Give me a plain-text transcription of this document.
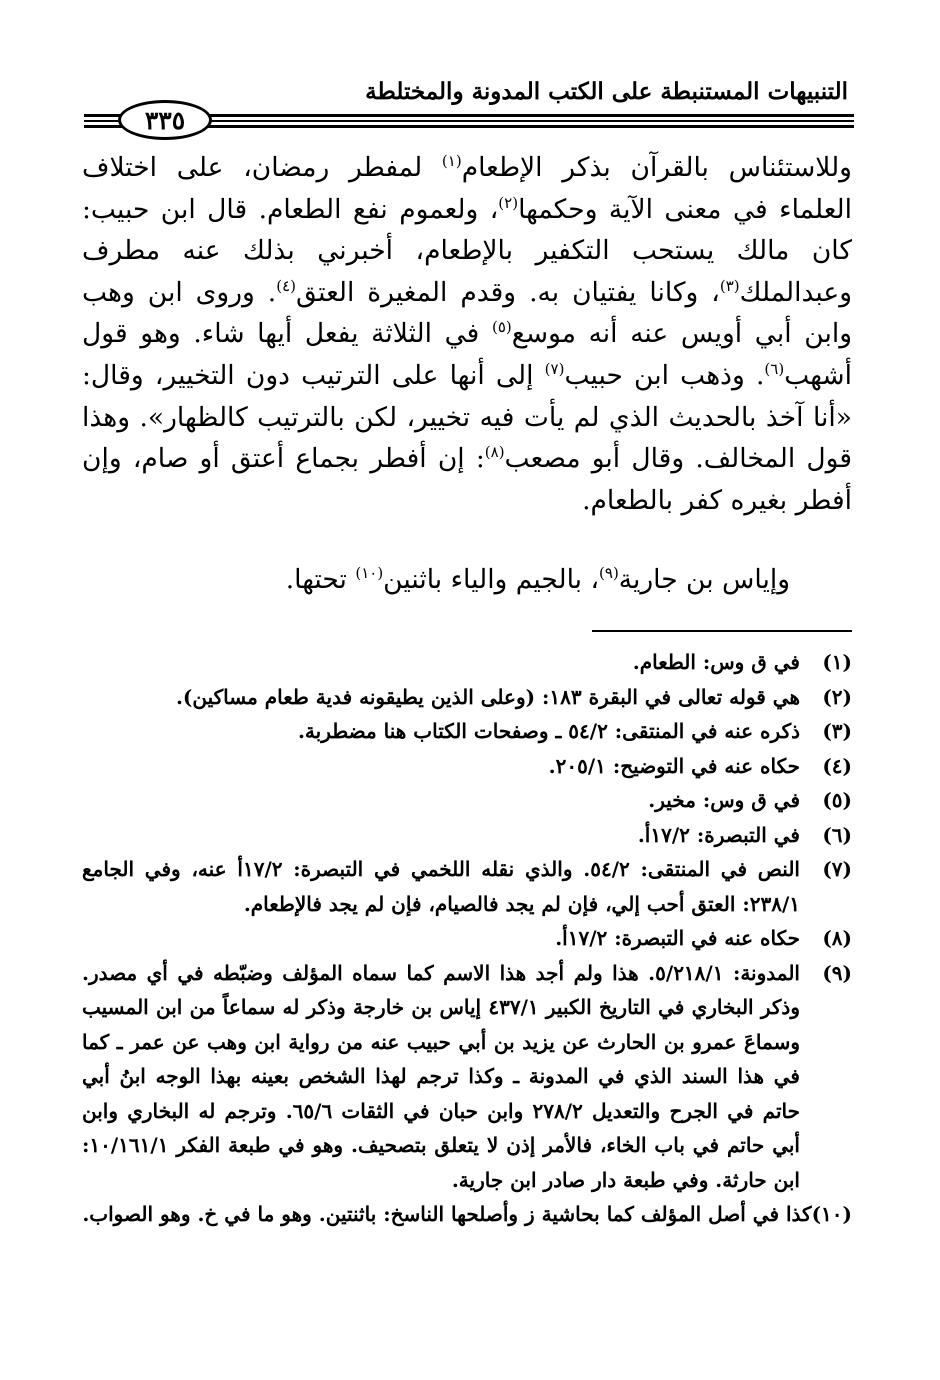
التنبيهات المستنبطة على الكتب المدونة والمختلطة
٣٣٥

وللاستئناس بالقرآن بذكر الإطعام$^{(١)}$ لمفطر رمضان، على اختلاف العلماء في معنى الآية وحكمها$^{(٢)}$، ولعموم نفع الطعام. قال ابن حبيب: كان مالك يستحب التكفير بالإطعام، أخبرني بذلك عنه مطرف وعبدالملك$^{(٣)}$، وكانا يفتيان به. وقدم المغيرة العتق$^{(٤)}$. وروى ابن وهب وابن أبي أويس عنه أنه موسع$^{(٥)}$ في الثلاثة يفعل أيها شاء. وهو قول أشهب$^{(٦)}$. وذهب ابن حبيب$^{(٧)}$ إلى أنها على الترتيب دون التخيير، وقال: «أنا آخذ بالحديث الذي لم يأت فيه تخيير، لكن بالترتيب كالظهار». وهذا قول المخالف. وقال أبو مصعب$^{(٨)}$: إن أفطر بجماع أعتق أو صام، وإن أفطر بغيره كفر بالطعام.

وإياس بن جارية$^{(٩)}$، بالجيم والياء باثنين$^{(١٠)}$ تحتها.
(١)
في ق وس: الطعام.
(٢)
هي قوله تعالى في البقرة ١٨٣: (وعلى الذين يطيقونه فدية طعام مساكين).
(٣)
ذكره عنه في المنتقى: ٥٤/٢ ـ وصفحات الكتاب هنا مضطربة.
(٤)
حكاه عنه في التوضيح: ٢٠٥/١.
(٥)
في ق وس: مخير.
(٦)
في التبصرة: ١٧/٢أ.
(٧)
النص في المنتقى: ٥٤/٢. والذي نقله اللخمي في التبصرة: ١٧/٢أ عنه، وفي الجامع ٢٣٨/١: العتق أحب إلي، فإن لم يجد فالصيام، فإن لم يجد فالإطعام.
(٨)
حكاه عنه في التبصرة: ١٧/٢أ.
(٩)
المدونة: ٥/٢١٨/١. هذا ولم أجد هذا الاسم كما سماه المؤلف وضبّطه في أي مصدر. وذكر البخاري في التاريخ الكبير ٤٣٧/١ إياس بن خارجة وذكر له سماعاً من ابن المسيب وسماعَ عمرو بن الحارث عن يزيد بن أبي حبيب عنه من رواية ابن وهب عن عمر ـ كما في هذا السند الذي في المدونة ـ وكذا ترجم لهذا الشخص بعينه بهذا الوجه ابنُ أبي حاتم في الجرح والتعديل ٢٧٨/٢ وابن حبان في الثقات ٦٥/٦. وترجم له البخاري وابن أبي حاتم في باب الخاء، فالأمر إذن لا يتعلق بتصحيف. وهو في طبعة الفكر ١٠/١٦١/١: ابن حارثة. وفي طبعة دار صادر ابن جارية.
(١٠)
كذا في أصل المؤلف كما بحاشية ز وأصلحها الناسخ: باثنتين. وهو ما في خ. وهو الصواب.
